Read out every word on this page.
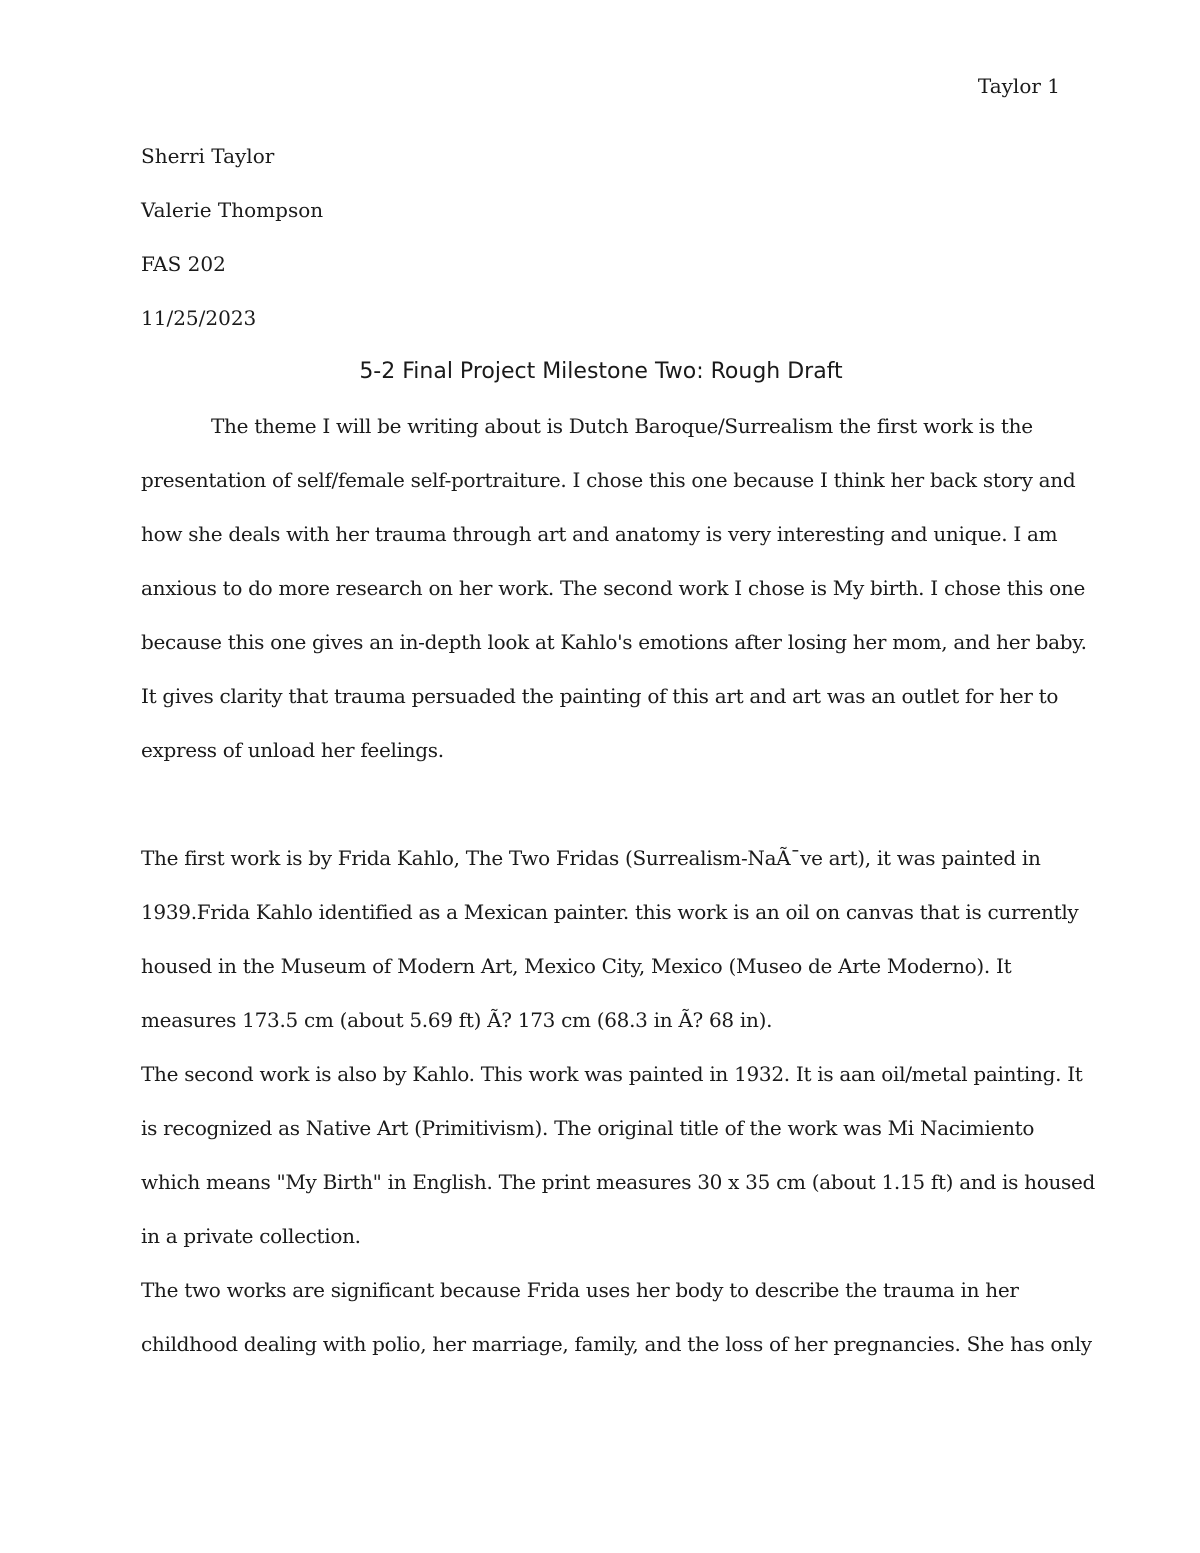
Taylor 1
Sherri Taylor
Valerie Thompson
FAS 202
11/25/2023
5-2 Final Project Milestone Two: Rough Draft
The theme I will be writing about is Dutch Baroque/Surrealism the first work is the
presentation of self/female self-portraiture. I chose this one because I think her back story and
how she deals with her trauma through art and anatomy is very interesting and unique. I am
anxious to do more research on her work. The second work I chose is My birth. I chose this one
because this one gives an in-depth look at Kahlo's emotions after losing her mom, and her baby.
It gives clarity that trauma persuaded the painting of this art and art was an outlet for her to
express of unload her feelings.
The first work is by Frida Kahlo, The Two Fridas (Surrealism-NaÃ¯ve art), it was painted in
1939.Frida Kahlo identified as a Mexican painter. this work is an oil on canvas that is currently
housed in the Museum of Modern Art, Mexico City, Mexico (Museo de Arte Moderno). It
measures 173.5 cm (about 5.69 ft) Ã? 173 cm (68.3 in Ã? 68 in).
The second work is also by Kahlo. This work was painted in 1932. It is aan oil/metal painting. It
is recognized as Native Art (Primitivism). The original title of the work was Mi Nacimiento
which means "My Birth" in English. The print measures 30 x 35 cm (about 1.15 ft) and is housed
in a private collection.
The two works are significant because Frida uses her body to describe the trauma in her
childhood dealing with polio, her marriage, family, and the loss of her pregnancies. She has only
